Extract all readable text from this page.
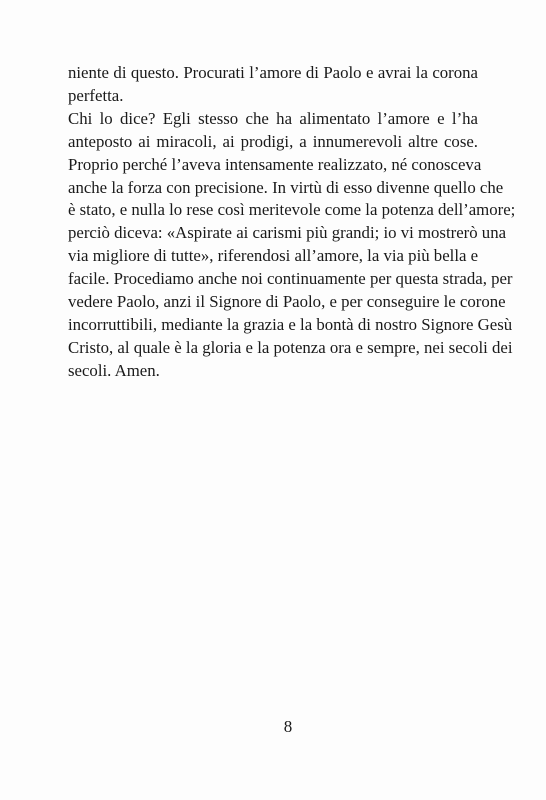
niente di questo. Procurati l’amore di Paolo e avrai la corona
perfetta.
Chi lo dice? Egli stesso che ha alimentato l’amore e l’ha
anteposto ai miracoli, ai prodigi, a innumerevoli altre cose.
Proprio perché l’aveva intensamente realizzato, né conosceva
anche la forza con precisione. In virtù di esso divenne quello che
è stato, e nulla lo rese così meritevole come la potenza dell’amore;
perciò diceva: «Aspirate ai carismi più grandi; io vi mostrerò una
via migliore di tutte», riferendosi all’amore, la via più bella e
facile. Procediamo anche noi continuamente per questa strada, per
vedere Paolo, anzi il Signore di Paolo, e per conseguire le corone
incorruttibili, mediante la grazia e la bontà di nostro Signore Gesù
Cristo, al quale è la gloria e la potenza ora e sempre, nei secoli dei
secoli. Amen.
8
